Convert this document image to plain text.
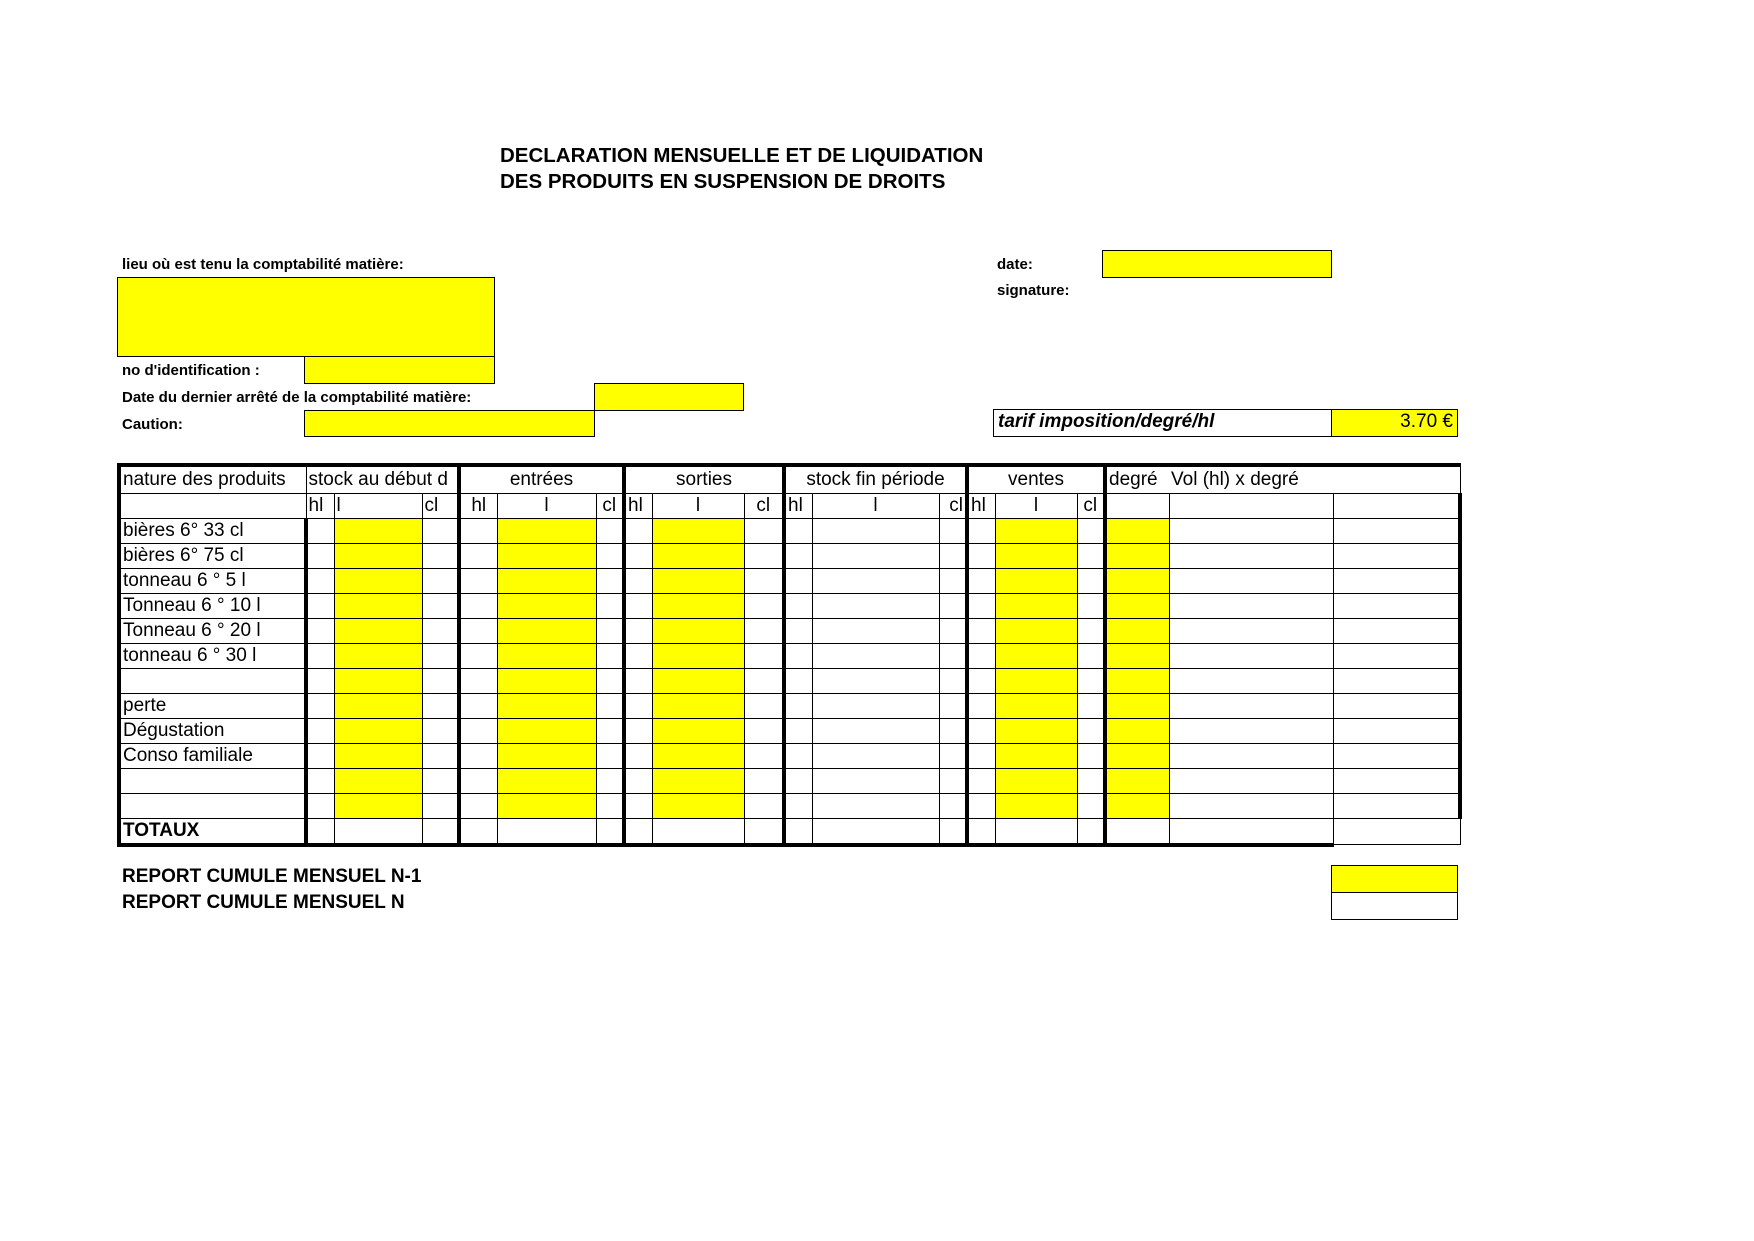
DECLARATION MENSUELLE ET DE LIQUIDATION
DES PRODUITS EN SUSPENSION DE DROITS
lieu où est tenu la comptabilité matière:
no d'identification :
Date du dernier arrêté de la comptabilité matière:
Caution:
date:
signature:
tarif imposition/degré/hl	3.70 €
nature des produits	stock au début d			entrées			sorties			stock fin période			ventes			degré	Vol (hl) x degré	
	hl	l	cl	hl	l	cl	hl	l	cl	hl	l	cl	hl	l	cl			
bières 6° 33 cl																		
bières 6° 75 cl																		
tonneau 6 ° 5 l																		
Tonneau 6 ° 10 l																		
Tonneau 6 ° 20 l																		
tonneau 6 ° 30 l																		

perte																		
Dégustation																		
Conso familiale																		

TOTAUX																		
REPORT CUMULE MENSUEL N-1
REPORT CUMULE MENSUEL N
